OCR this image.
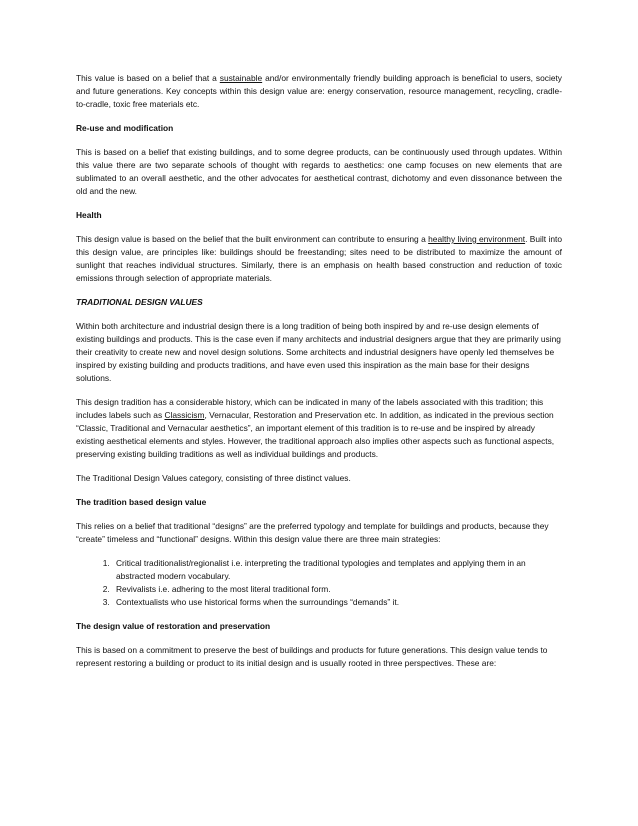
This value is based on a belief that a sustainable and/or environmentally friendly building approach is beneficial to users, society and future generations. Key concepts within this design value are: energy conservation, resource management, recycling, cradle-to-cradle, toxic free materials etc.

Re-use and modification

This is based on a belief that existing buildings, and to some degree products, can be continuously used through updates. Within this value there are two separate schools of thought with regards to aesthetics: one camp focuses on new elements that are sublimated to an overall aesthetic, and the other advocates for aesthetical contrast, dichotomy and even dissonance between the old and the new.

Health

This design value is based on the belief that the built environment can contribute to ensuring a healthy living environment. Built into this design value, are principles like: buildings should be freestanding; sites need to be distributed to maximize the amount of sunlight that reaches individual structures. Similarly, there is an emphasis on health based construction and reduction of toxic emissions through selection of appropriate materials.

TRADITIONAL DESIGN VALUES

Within both architecture and industrial design there is a long tradition of being both inspired by and re-use design elements of existing buildings and products. This is the case even if many architects and industrial designers argue that they are primarily using their creativity to create new and novel design solutions. Some architects and industrial designers have openly led themselves be inspired by existing building and products traditions, and have even used this inspiration as the main base for their designs solutions.

This design tradition has a considerable history, which can be indicated in many of the labels associated with this tradition; this includes labels such as Classicism, Vernacular, Restoration and Preservation etc. In addition, as indicated in the previous section “Classic, Traditional and Vernacular aesthetics”, an important element of this tradition is to re-use and be inspired by already existing aesthetical elements and styles. However, the traditional approach also implies other aspects such as functional aspects, preserving existing building traditions as well as individual buildings and products.

The Traditional Design Values category, consisting of three distinct values.

The tradition based design value

This relies on a belief that traditional “designs” are the preferred typology and template for buildings and products, because they “create” timeless and “functional” designs. Within this design value there are three main strategies:

1. Critical traditionalist/regionalist i.e. interpreting the traditional typologies and templates and applying them in an abstracted modern vocabulary.
2. Revivalists i.e. adhering to the most literal traditional form.
3. Contextualists who use historical forms when the surroundings “demands” it.
The design value of restoration and preservation

This is based on a commitment to preserve the best of buildings and products for future generations. This design value tends to represent restoring a building or product to its initial design and is usually rooted in three perspectives. These are:
